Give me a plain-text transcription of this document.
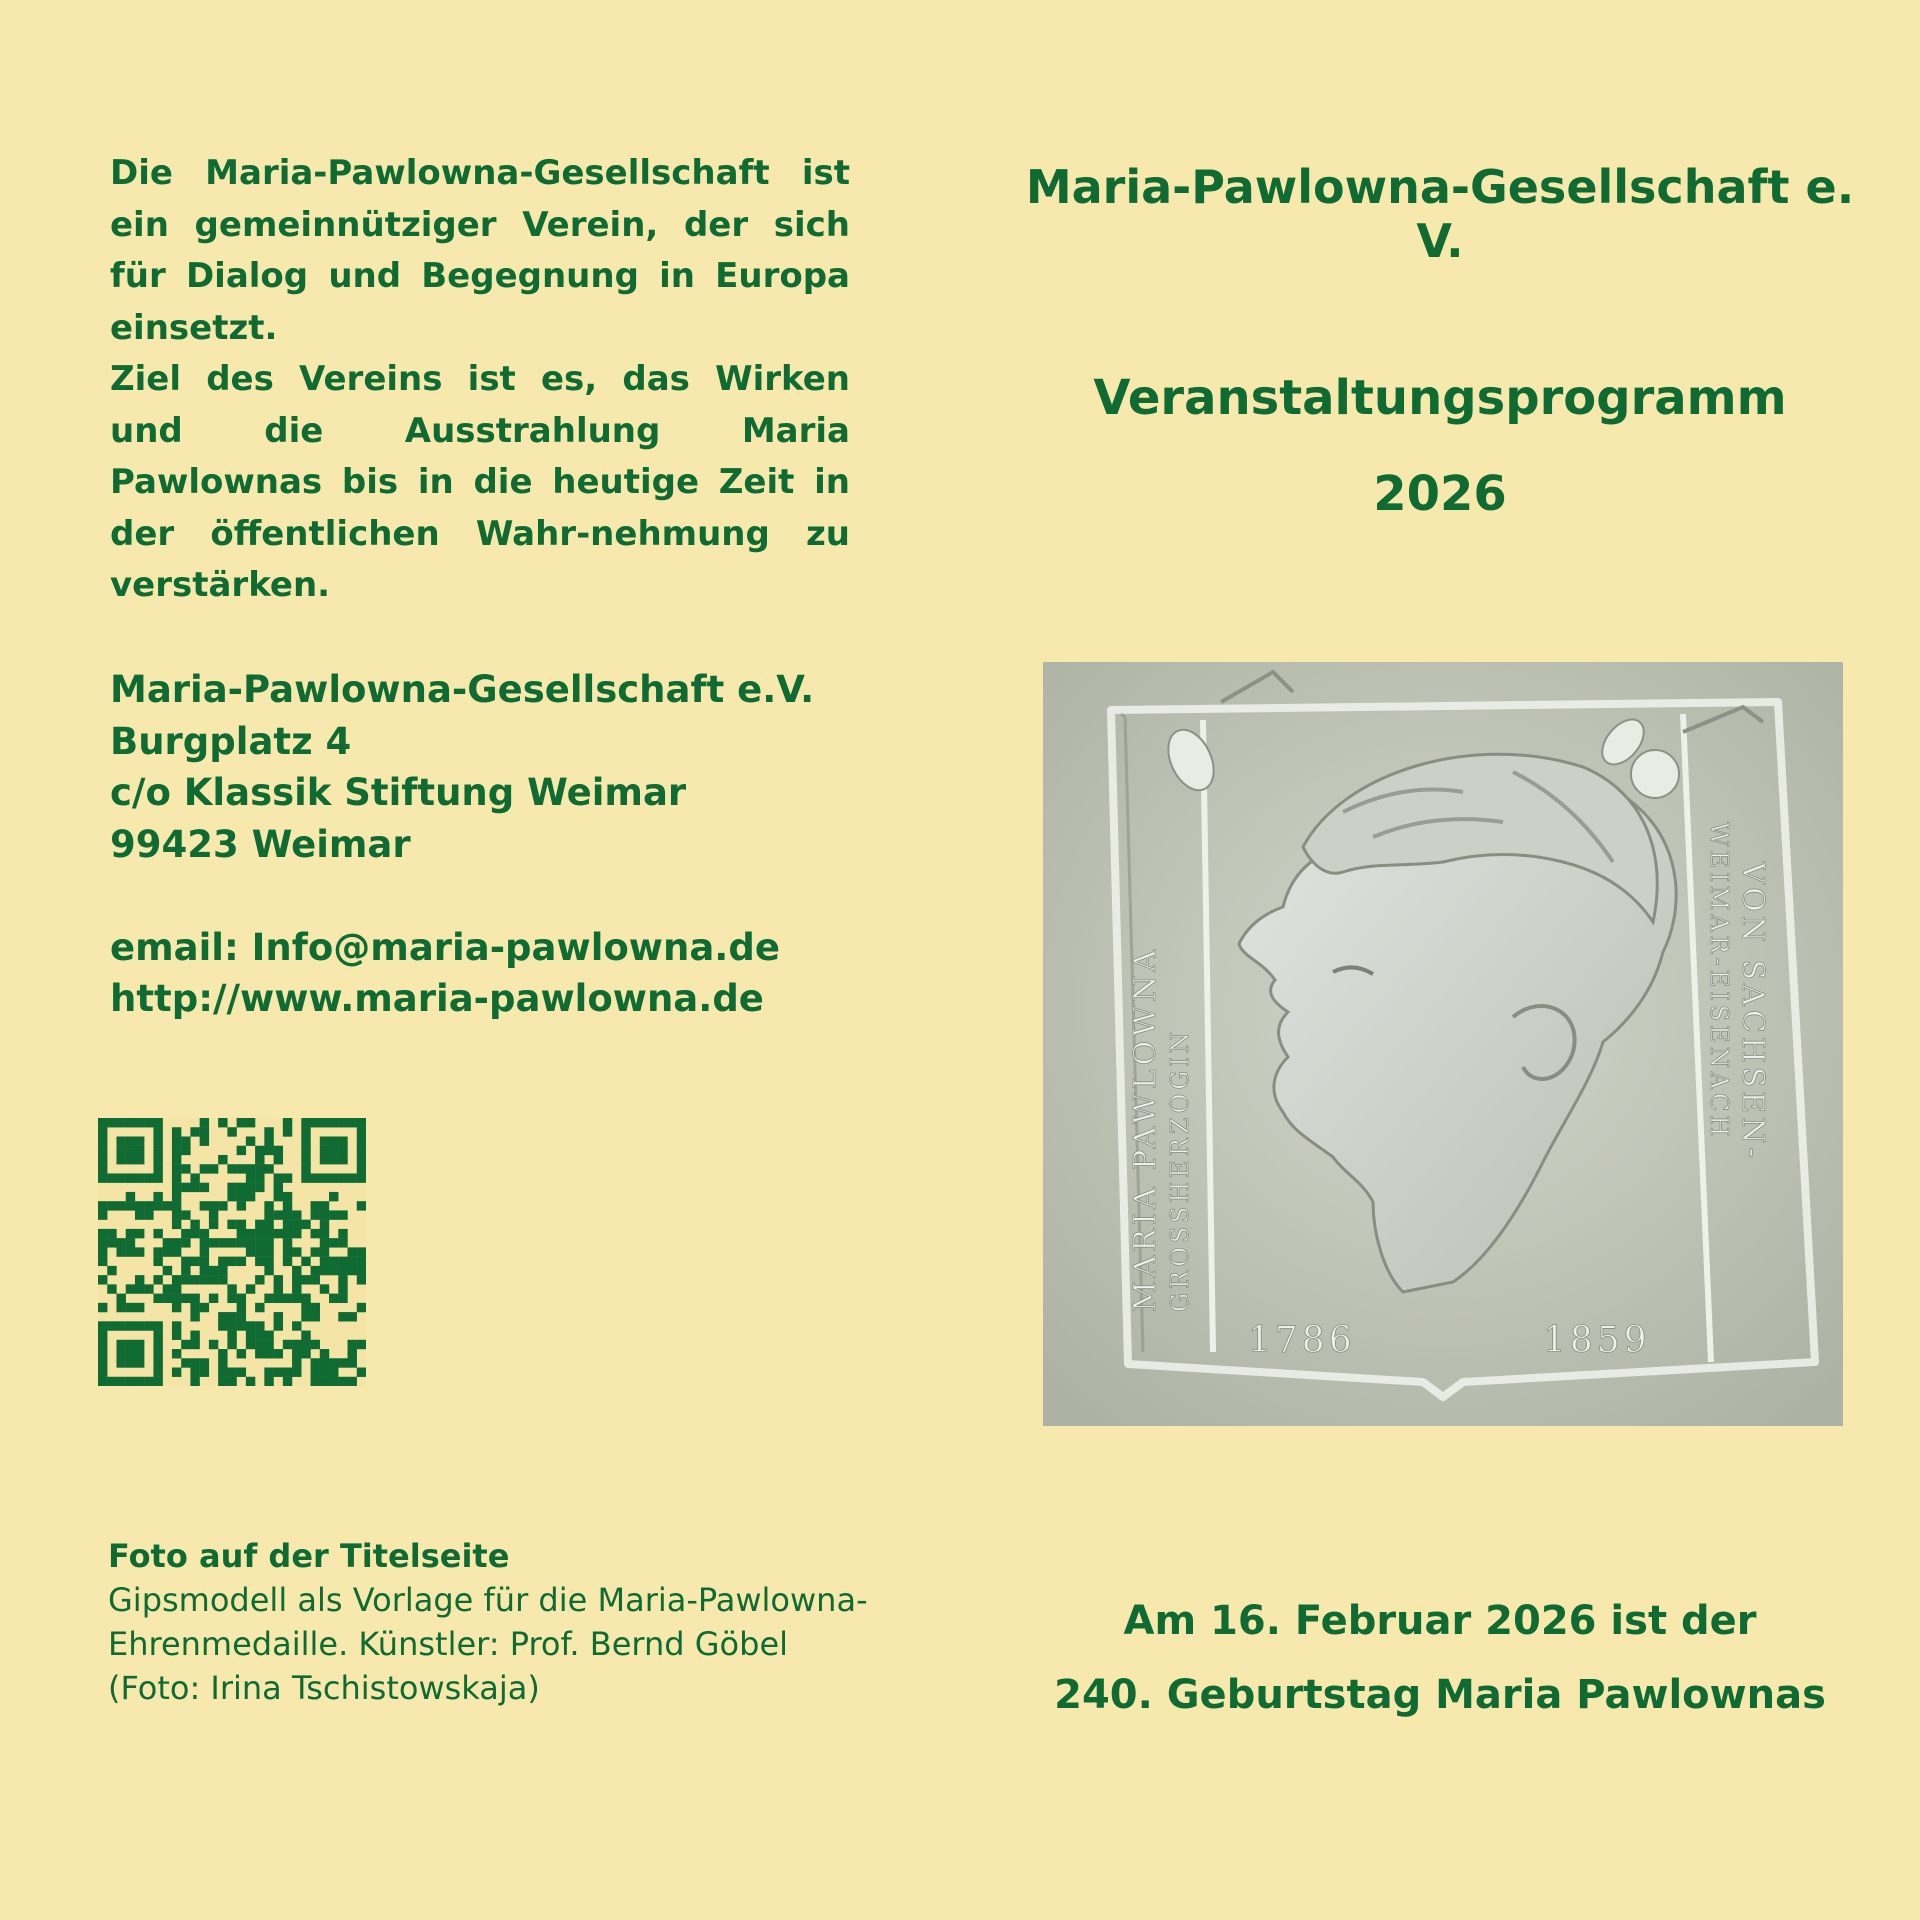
Die Maria-Pawlowna-Gesellschaft ist ein gemeinnütziger Verein, der sich für Dialog und Begegnung in Europa einsetzt.

Ziel des Vereins ist es, das Wirken und die Ausstrahlung Maria Pawlownas bis in die heutige Zeit in der öffentlichen Wahr-nehmung zu verstärken.

Maria-Pawlowna-Gesellschaft e.V.
Burgplatz 4
c/o Klassik Stiftung Weimar
99423 Weimar
email: Info@maria-pawlowna.de
http://www.maria-pawlowna.de
Foto auf der Titelseite
Gipsmodell als Vorlage für die Maria-Pawlowna-
Ehrenmedaille. Künstler: Prof. Bernd Göbel
(Foto: Irina Tschistowskaja)
Maria-Pawlowna-Gesellschaft e. V.
Veranstaltungsprogramm
2026
MARIA PAWLOWNA GROSSHERZOGIN
VON SACHSEN-
WEIMAR-EISENACH
1786	1859
Am 16. Februar 2026 ist der
240. Geburtstag Maria Pawlownas
